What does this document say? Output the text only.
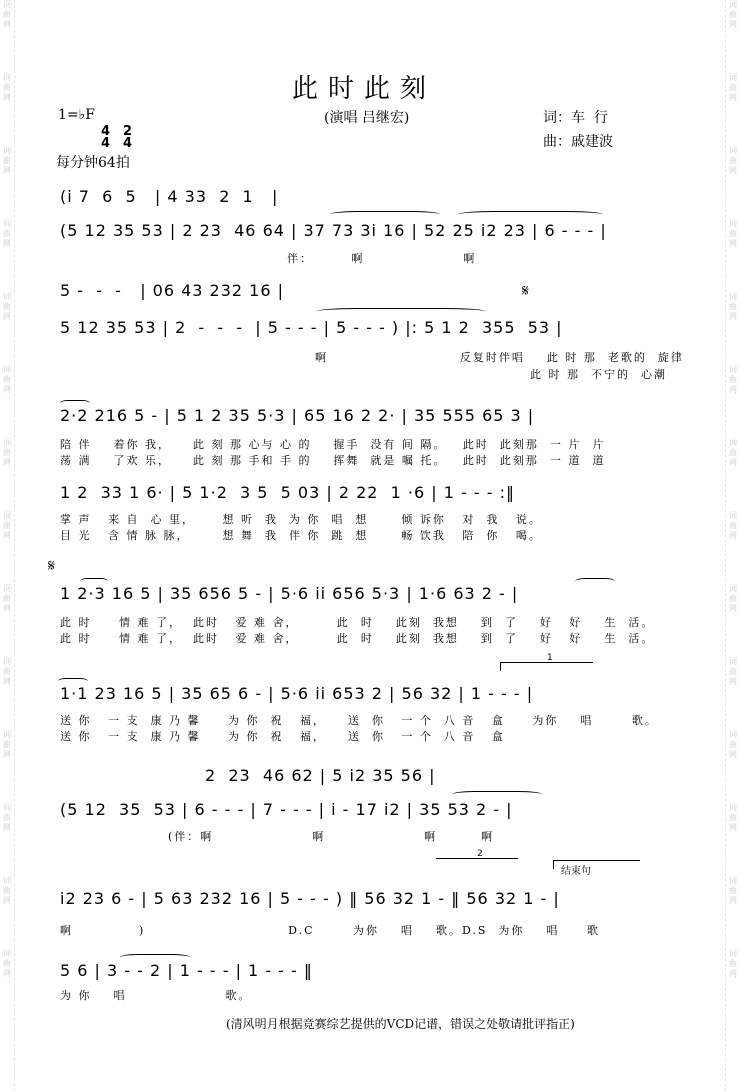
词
曲
网
词
曲
网
词
曲
网
词
曲
网
词
曲
网
词
曲
网
词
曲
网
词
曲
网
词
曲
网
词
曲
网
词
曲
网
词
曲
网
词
曲
网
词
曲
网
词
曲
网
词
曲
网
词
曲
网
词
曲
网
词
曲
网
词
曲
网
词
曲
网
词
曲
网
词
曲
网
词
曲
网
词
曲
网
词
曲
网
词
曲
网
词
曲
网
此时此刻
1=♭F

4
4

2
4

(演唱 吕继宏)	词：车  行
曲：戚建波
每分钟64拍
(i 7  6  5   | 4 33  2  1   |
(5 12 35 53 | 2 23  46 64 | 37 73 3i 16 | 52 25 i2 23 | 6 - - - |
伴：       啊                  啊
5 -  -  -   | 06 43 232 16 |	𝄋
5 12 35 53 | 2  -  -  -  | 5 - - - | 5 - - - ) |: 5 1 2  355  53 |
啊                        反复时伴唱    此 时 那  老歌的  旋律
此 时 那  不宁的  心潮
2·2 216 5 - | 5 1 2 35 5·3 | 65 16 2 2· | 35 555 65 3 |
陪 伴    着你 我，    此 刻 那 心与 心 的    握手  没有 间 隔。   此时  此刻那  一 片  片
荡 满    了欢 乐，    此 刻 那 手和 手 的    挥舞  就是 嘱 托。   此时  此刻那  一 道  道
1 2  33 1 6· | 5 1·2  3 5  5 03 | 2 22  1 ·6 | 1 - - - :‖
掌 声   来 自  心 里，     想 听  我  为 你  唱  想      倾 诉你   对  我   说。
目 光   含 情 脉 脉，      想 舞  我  伴 你  跳  想      畅 饮我   陪  你   喝。
𝄋
1 2·3 16 5 | 35 656 5 - | 5·6 ii 656 5·3 | 1·6 63 2 - |
此 时     情 难 了，  此时   爱 难 舍，       此  时    此刻  我想    到  了    好   好    生  活。
此 时     情 难 了，  此时   爱 难 舍，       此  时    此刻  我想    到  了    好   好    生  活。
1
1·1 23 16 5 | 35 65 6 - | 5·6 ii 653 2 | 56 32 | 1 - - - |
送 你   一 支  康 乃 馨     为 你  祝   福，    送  你   一 个  八 音   盒     为你    唱       歌。
送 你   一 支  康 乃 馨     为 你  祝   福，    送  你   一 个  八 音   盒
2  23  46 62 | 5 i2 35 56 |
(5 12  35  53 | 6 - - - | 7 - - - | i - 17 i2 | 35 53 2 - |
(伴：啊                  啊                  啊        啊
2
结束句
i2 23 6 - | 5 63 232 16 | 5 - - - ) ‖ 56 32 1 - ‖ 56 32 1 - |
啊            )                          D.C       为你    唱    歌。D.S  为你    唱     歌
5 6 | 3 - - 2 | 1 - - - | 1 - - - ‖
为 你    唱                  歌。
(清风明月根据竞赛综艺提供的VCD记谱，错误之处敬请批评指正)
